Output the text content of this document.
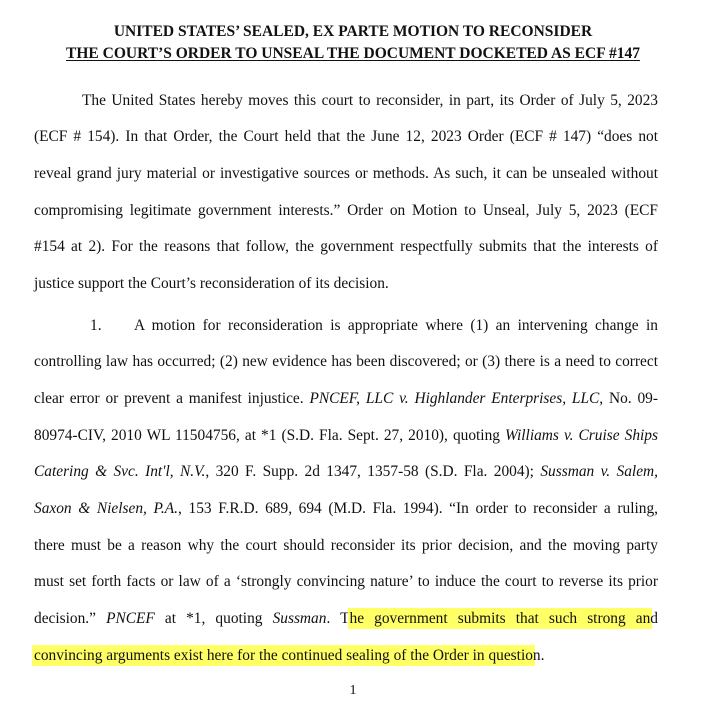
UNITED STATES’ SEALED, EX PARTE MOTION TO RECONSIDER
THE COURT’S ORDER TO UNSEAL THE DOCUMENT DOCKETED AS ECF #147
The United States hereby moves this court to reconsider, in part, its Order of July 5, 2023
(ECF # 154). In that Order, the Court held that the June 12, 2023 Order (ECF # 147) “does not
reveal grand jury material or investigative sources or methods. As such, it can be unsealed without
compromising legitimate government interests.” Order on Motion to Unseal, July 5, 2023 (ECF
#154 at 2). For the reasons that follow, the government respectfully submits that the interests of
justice support the Court’s reconsideration of its decision.
1. A motion for reconsideration is appropriate where (1) an intervening change in
controlling law has occurred; (2) new evidence has been discovered; or (3) there is a need to correct
clear error or prevent a manifest injustice. PNCEF, LLC v. Highlander Enterprises, LLC, No. 09-
80974-CIV, 2010 WL 11504756, at *1 (S.D. Fla. Sept. 27, 2010), quoting Williams v. Cruise Ships
Catering & Svc. Int'l, N.V., 320 F. Supp. 2d 1347, 1357-58 (S.D. Fla. 2004); Sussman v. Salem,
Saxon & Nielsen, P.A., 153 F.R.D. 689, 694 (M.D. Fla. 1994). “In order to reconsider a ruling,
there must be a reason why the court should reconsider its prior decision, and the moving party
must set forth facts or law of a ‘strongly convincing nature’ to induce the court to reverse its prior
decision.” PNCEF at *1, quoting Sussman. The government submits that such strong and
convincing arguments exist here for the continued sealing of the Order in question.
1
